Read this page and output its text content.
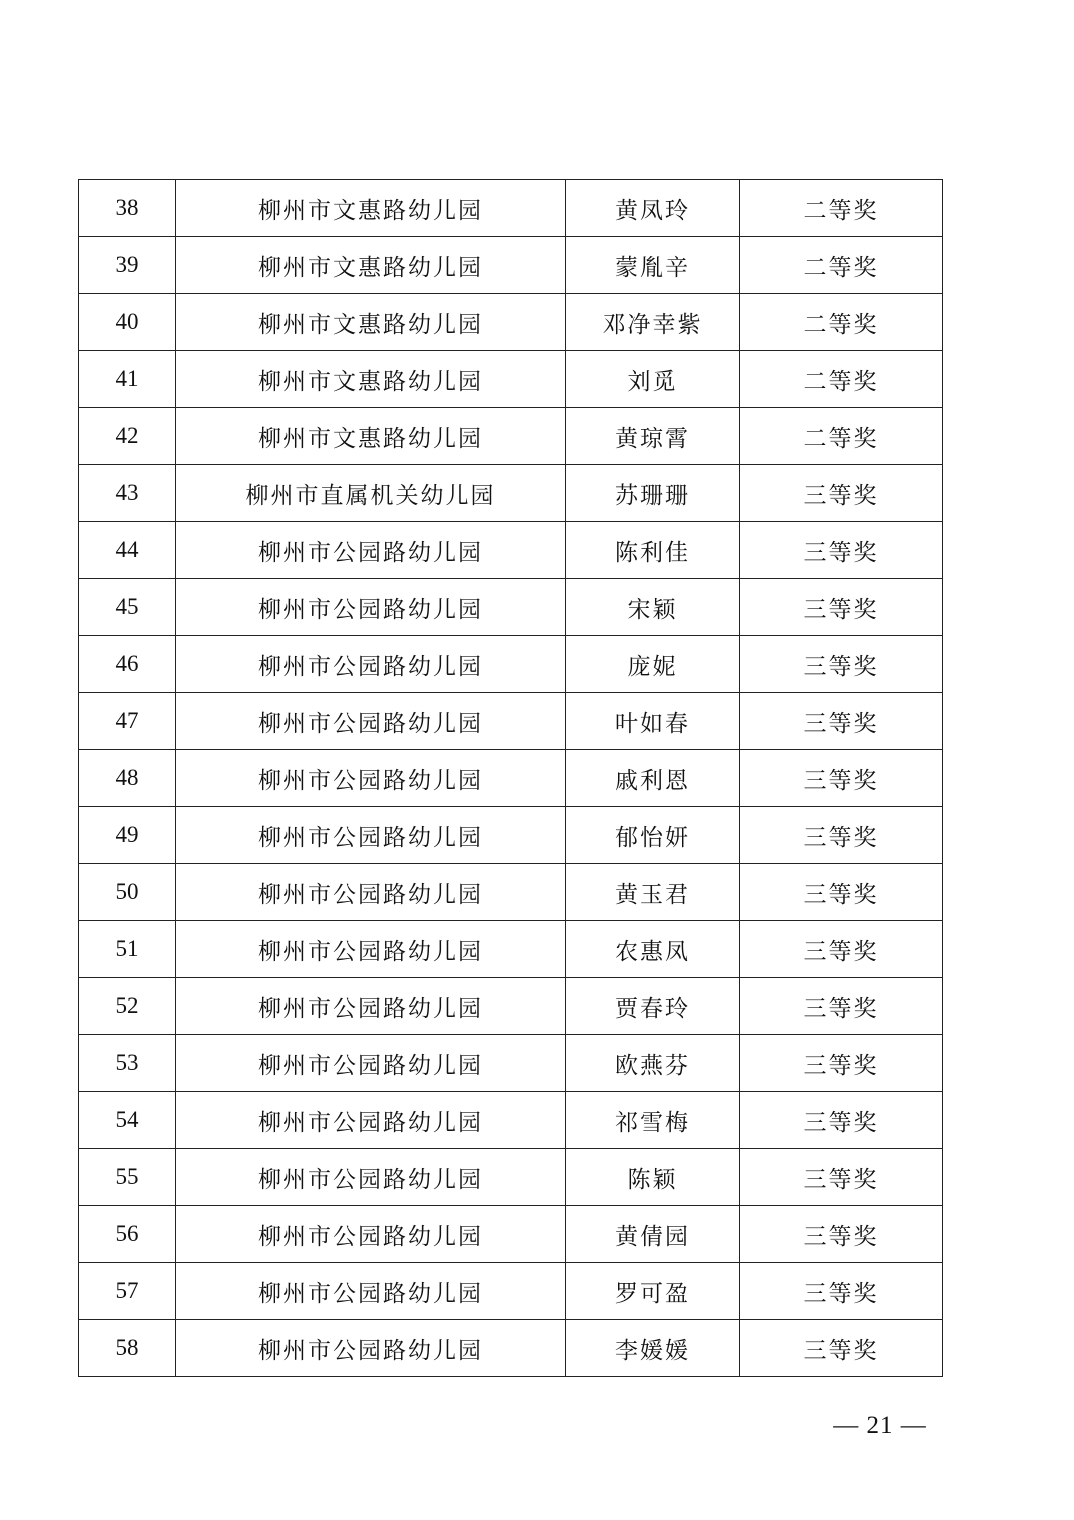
38	柳州市文惠路幼儿园	黄凤玲	二等奖
39	柳州市文惠路幼儿园	蒙胤辛	二等奖
40	柳州市文惠路幼儿园	邓净幸紫	二等奖
41	柳州市文惠路幼儿园	刘觅	二等奖
42	柳州市文惠路幼儿园	黄琼霄	二等奖
43	柳州市直属机关幼儿园	苏珊珊	三等奖
44	柳州市公园路幼儿园	陈利佳	三等奖
45	柳州市公园路幼儿园	宋颖	三等奖
46	柳州市公园路幼儿园	庞妮	三等奖
47	柳州市公园路幼儿园	叶如春	三等奖
48	柳州市公园路幼儿园	戚利恩	三等奖
49	柳州市公园路幼儿园	郁怡妍	三等奖
50	柳州市公园路幼儿园	黄玉君	三等奖
51	柳州市公园路幼儿园	农惠凤	三等奖
52	柳州市公园路幼儿园	贾春玲	三等奖
53	柳州市公园路幼儿园	欧燕芬	三等奖
54	柳州市公园路幼儿园	祁雪梅	三等奖
55	柳州市公园路幼儿园	陈颖	三等奖
56	柳州市公园路幼儿园	黄倩园	三等奖
57	柳州市公园路幼儿园	罗可盈	三等奖
58	柳州市公园路幼儿园	李媛媛	三等奖
— 21 —
